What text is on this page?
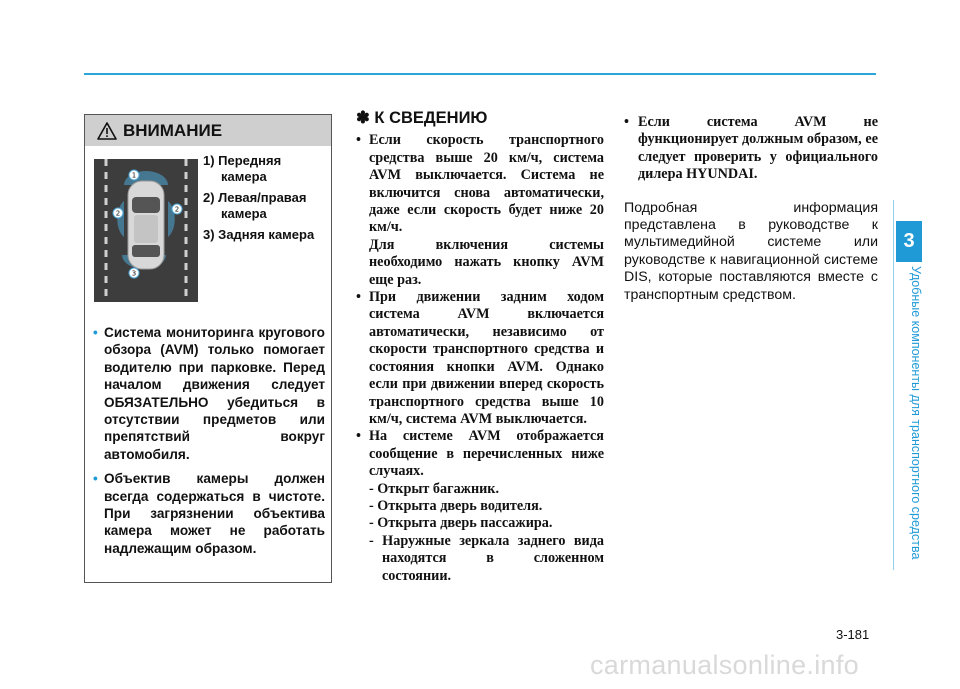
ВНИМАНИЕ
1
2	2
3
1) Передняя камера
2) Левая/правая камера
3) Задняя камера
• Система мониторинга кругового обзора (AVM) только помогает водителю при парковке. Перед началом движения следует ОБЯЗАТЕЛЬНО убедиться в отсутствии предметов или препятствий вокруг автомобиля.
• Объектив камеры должен всегда содержаться в чистоте. При загрязнении объектива камера может не работать надлежащим образом.
✽ К СВЕДЕНИЮ
• Если скорость транспортного средства выше 20 км/ч, система AVM выключается. Система не включится снова автоматически, даже если скорость будет ниже 20 км/ч.
Для включения системы необходимо нажать кнопку AVM еще раз.
• При движении задним ходом система AVM включается автоматически, независимо от скорости транспортного средства и состояния кнопки AVM. Однако если при движении вперед скорость транспортного средства выше 10 км/ч, система AVM выключается.
• На системе AVM отображается сообщение в перечисленных ниже случаях.
- Открыт багажник.
- Открыта дверь водителя.
- Открыта дверь пассажира.
- Наружные зеркала заднего вида находятся в сложенном состоянии.
• Если система AVM не функционирует должным образом, ее следует проверить у официального дилера HYUNDAI.
Подробная информация представлена в руководстве к мультимедийной системе или руководстве к навигационной системе DIS, которые поставляются вместе с транспортным средством.
3
Удобные компоненты для транспортного средства
3-181
carmanualsonline.info
